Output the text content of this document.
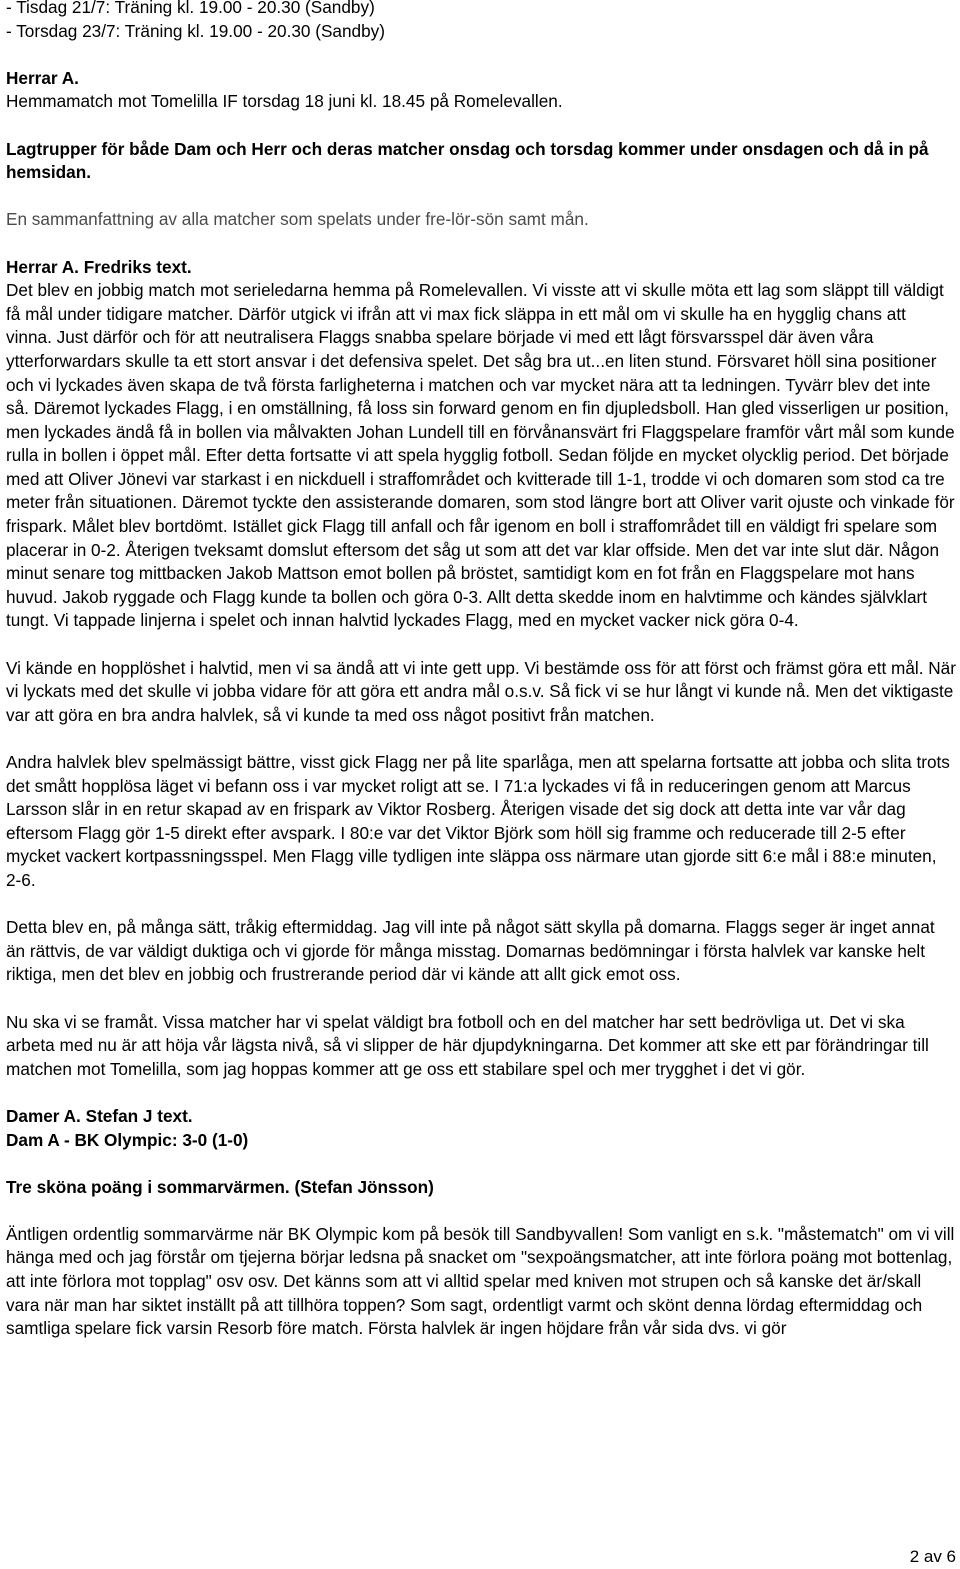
- Tisdag 21/7: Träning kl. 19.00 - 20.30 (Sandby)

- Torsdag 23/7: Träning kl. 19.00 - 20.30 (Sandby)

Herrar A.

Hemmamatch mot Tomelilla IF torsdag 18 juni kl. 18.45 på Romelevallen.

Lagtrupper för både Dam och Herr och deras matcher onsdag och torsdag kommer under onsdagen och då in på hemsidan.

En sammanfattning av alla matcher som spelats under fre-lör-sön samt mån.

Herrar A. Fredriks text.

Det blev en jobbig match mot serieledarna hemma på Romelevallen. Vi visste att vi skulle möta ett lag som släppt till väldigt få mål under tidigare matcher. Därför utgick vi ifrån att vi max fick släppa in ett mål om vi skulle ha en hygglig chans att vinna. Just därför och för att neutralisera Flaggs snabba spelare började vi med ett lågt försvarsspel där även våra ytterforwardars skulle ta ett stort ansvar i det defensiva spelet. Det såg bra ut...en liten stund. Försvaret höll sina positioner och vi lyckades även skapa de två första farligheterna i matchen och var mycket nära att ta ledningen. Tyvärr blev det inte så. Däremot lyckades Flagg, i en omställning, få loss sin forward genom en fin djupledsboll. Han gled visserligen ur position, men lyckades ändå få in bollen via målvakten Johan Lundell till en förvånansvärt fri Flaggspelare framför vårt mål som kunde rulla in bollen i öppet mål. Efter detta fortsatte vi att spela hygglig fotboll. Sedan följde en mycket olycklig period. Det började med att Oliver Jönevi var starkast i en nickduell i straffområdet och kvitterade till 1-1, trodde vi och domaren som stod ca tre meter från situationen. Däremot tyckte den assisterande domaren, som stod längre bort att Oliver varit ojuste och vinkade för frispark. Målet blev bortdömt. Istället gick Flagg till anfall och får igenom en boll i straffområdet till en väldigt fri spelare som placerar in 0-2. Återigen tveksamt domslut eftersom det såg ut som att det var klar offside. Men det var inte slut där. Någon minut senare tog mittbacken Jakob Mattson emot bollen på bröstet, samtidigt kom en fot från en Flaggspelare mot hans huvud. Jakob ryggade och Flagg kunde ta bollen och göra 0-3. Allt detta skedde inom en halvtimme och kändes självklart tungt. Vi tappade linjerna i spelet och innan halvtid lyckades Flagg, med en mycket vacker nick göra 0-4.

Vi kände en hopplöshet i halvtid, men vi sa ändå att vi inte gett upp. Vi bestämde oss för att först och främst göra ett mål. När vi lyckats med det skulle vi jobba vidare för att göra ett andra mål o.s.v. Så fick vi se hur långt vi kunde nå. Men det viktigaste var att göra en bra andra halvlek, så vi kunde ta med oss något positivt från matchen.

Andra halvlek blev spelmässigt bättre, visst gick Flagg ner på lite sparlåga, men att spelarna fortsatte att jobba och slita trots det smått hopplösa läget vi befann oss i var mycket roligt att se. I 71:a lyckades vi få in reduceringen genom att Marcus Larsson slår in en retur skapad av en frispark av Viktor Rosberg. Återigen visade det sig dock att detta inte var vår dag eftersom Flagg gör 1-5 direkt efter avspark. I 80:e var det Viktor Björk som höll sig framme och reducerade till 2-5 efter mycket vackert kortpassningsspel. Men Flagg ville tydligen inte släppa oss närmare utan gjorde sitt 6:e mål i 88:e minuten, 2-6.

Detta blev en, på många sätt, tråkig eftermiddag. Jag vill inte på något sätt skylla på domarna. Flaggs seger är inget annat än rättvis, de var väldigt duktiga och vi gjorde för många misstag. Domarnas bedömningar i första halvlek var kanske helt riktiga, men det blev en jobbig och frustrerande period där vi kände att allt gick emot oss.

Nu ska vi se framåt. Vissa matcher har vi spelat väldigt bra fotboll och en del matcher har sett bedrövliga ut. Det vi ska arbeta med nu är att höja vår lägsta nivå, så vi slipper de här djupdykningarna. Det kommer att ske ett par förändringar till matchen mot Tomelilla, som jag hoppas kommer att ge oss ett stabilare spel och mer trygghet i det vi gör.

Damer A. Stefan J text.

Dam A - BK Olympic: 3-0 (1-0)

Tre sköna poäng i sommarvärmen. (Stefan Jönsson)

Äntligen ordentlig sommarvärme när BK Olympic kom på besök till Sandbyvallen! Som vanligt en s.k. "måstematch" om vi vill hänga med och jag förstår om tjejerna börjar ledsna på snacket om "sexpoängsmatcher, att inte förlora poäng mot bottenlag, att inte förlora mot topplag" osv osv. Det känns som att vi alltid spelar med kniven mot strupen och så kanske det är/skall vara när man har siktet inställt på att tillhöra toppen? Som sagt, ordentligt varmt och skönt denna lördag eftermiddag och samtliga spelare fick varsin Resorb före match. Första halvlek är ingen höjdare från vår sida dvs. vi gör

2 av 6
